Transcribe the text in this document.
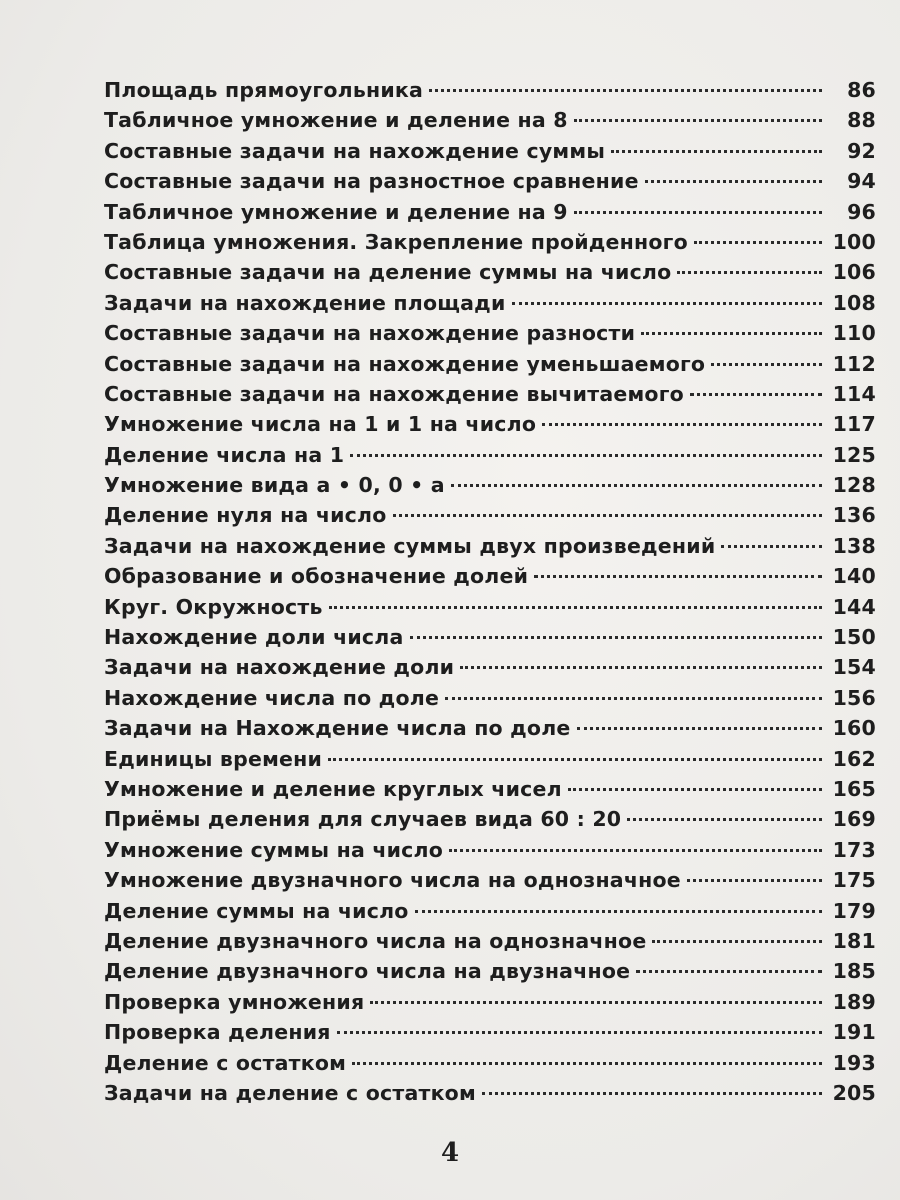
Площадь прямоугольника	86
Табличное умножение и деление на 8	88
Составные задачи на нахождение суммы	92
Составные задачи на разностное сравнение	94
Табличное умножение и деление на 9	96
Таблица умножения. Закрепление пройденного	100
Составные задачи на деление суммы на число	106
Задачи на нахождение площади	108
Составные задачи на нахождение разности	110
Составные задачи на нахождение уменьшаемого	112
Составные задачи на нахождение вычитаемого	114
Умножение числа на 1 и 1 на число	117
Деление числа на 1	125
Умножение вида a • 0, 0 • a	128
Деление нуля на число	136
Задачи на нахождение суммы двух произведений	138
Образование и обозначение долей	140
Круг. Окружность	144
Нахождение доли числа	150
Задачи на нахождение доли	154
Нахождение числа по доле	156
Задачи на Нахождение числа по доле	160
Единицы времени	162
Умножение и деление круглых чисел	165
Приёмы деления для случаев вида 60 : 20	169
Умножение суммы на число	173
Умножение двузначного числа на однозначное	175
Деление суммы на число	179
Деление двузначного числа на однозначное	181
Деление двузначного числа на двузначное	185
Проверка умножения	189
Проверка деления	191
Деление с остатком	193
Задачи на деление с остатком	205
4
